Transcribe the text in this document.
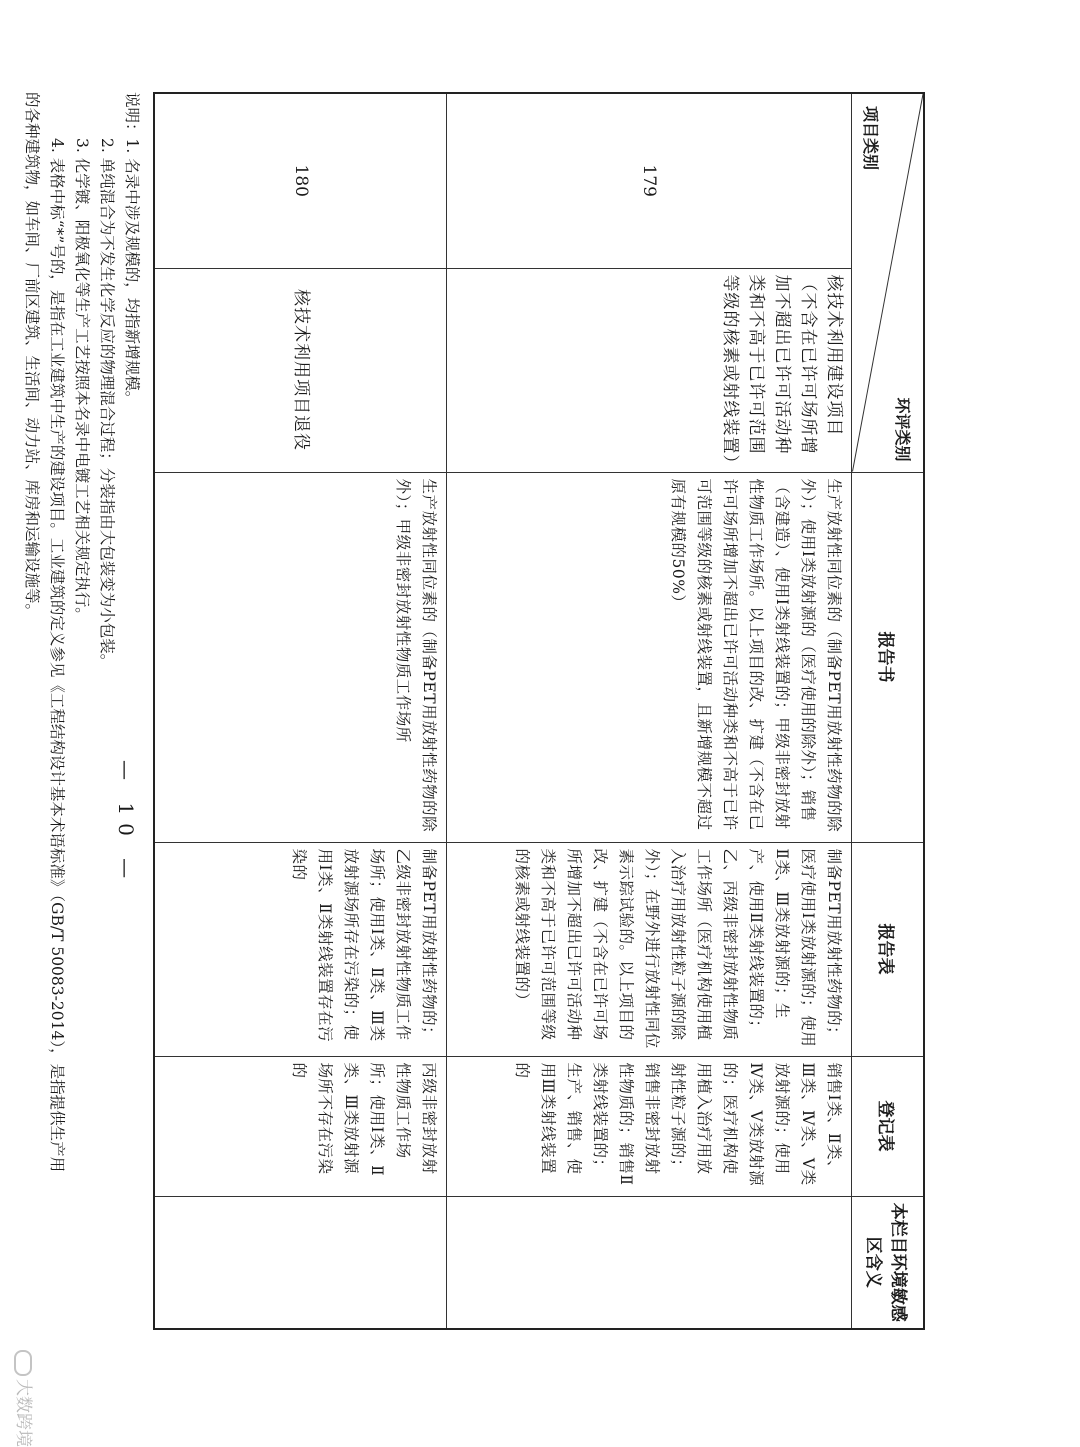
环评类别
项目类别		报告书	报告表	登记表	本栏目环境敏感区含义
179	核技术利用建设项目（不含在已许可场所增加不超出已许可活动种类和不高于已许可范围等级的核素或射线装置）	生产放射性同位素的（制备PET用放射性药物的除外）；使用Ⅰ类放射源的（医疗使用的除外）；销售（含建造）、使用Ⅰ类射线装置的；甲级非密封放射性物质工作场所。以上项目的改、扩建（不含在已许可场所增加不超出已许可活动种类和不高于已许可范围等级的核素或射线装置，且新增规模不超过原有规模的50%）	制备PET用放射性药物的；医疗使用Ⅰ类放射源的；使用Ⅱ类、Ⅲ类放射源的；生产、使用Ⅱ类射线装置的；乙、丙级非密封放射性物质工作场所（医疗机构使用植入治疗用放射性粒子源的除外）；在野外进行放射性同位素示踪试验的。以上项目的改、扩建（不含在已许可场所增加不超出已许可活动种类和不高于已许可范围等级的核素或射线装置的）	销售Ⅰ类、Ⅱ类、Ⅲ类、Ⅳ类、Ⅴ类放射源的；使用Ⅳ类、Ⅴ类放射源的；医疗机构使用植入治疗用放射性粒子源的；销售非密封放射性物质的；销售Ⅱ类射线装置的；生产、销售、使用Ⅲ类射线装置的	
180	核技术利用项目退役	生产放射性同位素的（制备PET用放射性药物的除外）；甲级非密封放射性物质工作场所	制备PET用放射性药物的；乙级非密封放射性物质工作场所；使用Ⅰ类、Ⅱ类、Ⅲ类放射源场所存在污染的；使用Ⅰ类、Ⅱ类射线装置存在污染的	丙级非密封放射性物质工作场所；使用Ⅰ类、Ⅱ类、Ⅲ类放射源场所不存在污染的	
说明：1. 名录中涉及规模的，均指新增规模。
2. 单纯混合为不发生化学反应的物理混合过程；分装指由大包装变为小包装。
3. 化学镀、阳极氧化等生产工艺按照本名录中电镀工艺相关规定执行。
4. 表格中标“*”号的，是指在工业建筑中生产的建设项目。工业建筑的定义参见《工程结构设计基本术语标准》（GB/T 50083-2014），是指提供生产用
的各种建筑物，如车间、厂前区建筑、生活间、动力站、库房和运输设施等。
— 10 —
大数跨境
